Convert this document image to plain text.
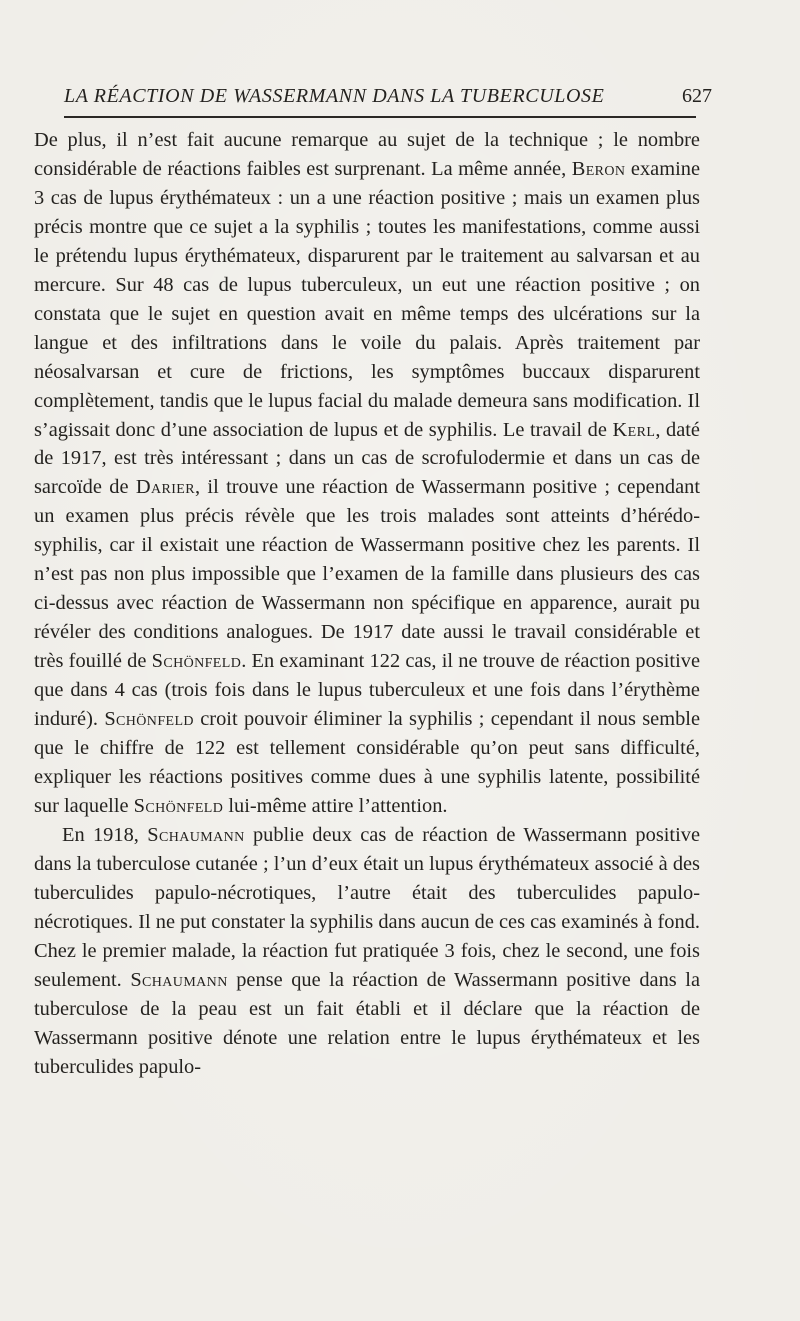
LA RÉACTION DE WASSERMANN DANS LA TUBERCULOSE	627

De plus, il n’est fait aucune remarque au sujet de la technique ; le nombre considérable de réactions faibles est surprenant. La même année, Beron examine 3 cas de lupus érythémateux : un a une réaction positive ; mais un examen plus précis montre que ce sujet a la syphilis ; toutes les manifestations, comme aussi le prétendu lupus érythémateux, disparurent par le traitement au salvarsan et au mercure. Sur 48 cas de lupus tuberculeux, un eut une réaction positive ; on constata que le sujet en question avait en même temps des ulcérations sur la langue et des infiltrations dans le voile du palais. Après traitement par néosalvarsan et cure de frictions, les symptômes buccaux disparurent complètement, tandis que le lupus facial du malade demeura sans modification. Il s’agissait donc d’une association de lupus et de syphilis. Le travail de Kerl, daté de 1917, est très intéressant ; dans un cas de scrofulodermie et dans un cas de sarcoïde de Darier, il trouve une réaction de Wassermann positive ; cependant un examen plus précis révèle que les trois malades sont atteints d’hérédo-syphilis, car il existait une réaction de Wassermann positive chez les parents. Il n’est pas non plus impossible que l’examen de la famille dans plusieurs des cas ci-dessus avec réaction de Wassermann non spécifique en apparence, aurait pu révéler des conditions analogues. De 1917 date aussi le travail considérable et très fouillé de Schönfeld. En examinant 122 cas, il ne trouve de réaction positive que dans 4 cas (trois fois dans le lupus tuberculeux et une fois dans l’érythème induré). Schönfeld croit pouvoir éliminer la syphilis ; cependant il nous semble que le chiffre de 122 est tellement considérable qu’on peut sans difficulté, expliquer les réactions positives comme dues à une syphilis latente, possibilité sur laquelle Schönfeld lui-même attire l’attention.

En 1918, Schaumann publie deux cas de réaction de Wassermann positive dans la tuberculose cutanée ; l’un d’eux était un lupus érythémateux associé à des tuberculides papulo-nécrotiques, l’autre était des tuberculides papulo-nécrotiques. Il ne put constater la syphilis dans aucun de ces cas examinés à fond. Chez le premier malade, la réaction fut pratiquée 3 fois, chez le second, une fois seulement. Schaumann pense que la réaction de Wassermann positive dans la tuberculose de la peau est un fait établi et il déclare que la réaction de Wassermann positive dénote une relation entre le lupus érythémateux et les tuberculides papulo-
